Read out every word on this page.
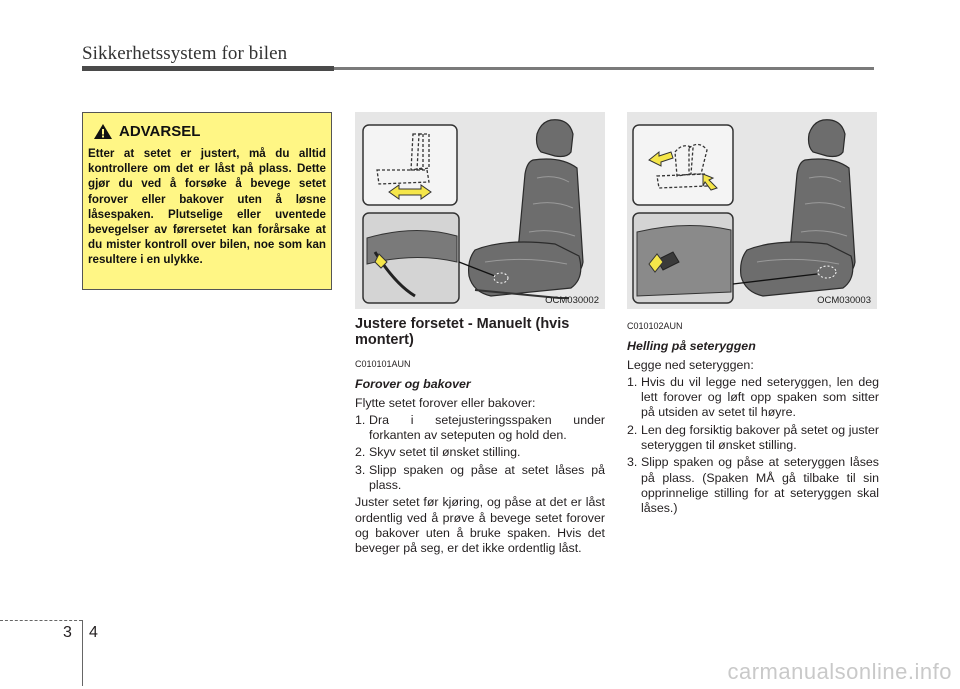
Sikkerhetssystem for bilen
ADVARSEL
Etter at setet er justert, må du alltid kontrollere om det er låst på plass. Dette gjør du ved å forsøke å bevege setet forover eller bakover uten å løsne låsespaken. Plutselige eller uventede bevegelser av førersetet kan forårsake at du mister kontroll over bilen, noe som kan resultere i en ulykke.
OCM030002	OCM030003
Justere forsetet - Manuelt (hvis montert)
C010101AUN
Forover og bakover
Flytte setet forover eller bakover:
1. Dra i setejusteringsspaken under forkanten av seteputen og hold den.
2. Skyv setet til ønsket stilling.
3. Slipp spaken og påse at setet låses på plass.
Juster setet før kjøring, og påse at det er låst ordentlig ved å prøve å bevege setet forover og bakover uten å bruke spaken. Hvis det beveger på seg, er det ikke ordentlig låst.
C010102AUN
Helling på seteryggen
Legge ned seteryggen:
1. Hvis du vil legge ned seteryggen, len deg lett forover og løft opp spaken som sitter på utsiden av setet til høyre.
2. Len deg forsiktig bakover på setet og juster seteryggen til ønsket stilling.
3. Slipp spaken og påse at seteryggen låses på plass. (Spaken MÅ gå tilbake til sin opprinnelige stilling for at seteryggen skal låses.)
3 4
carmanualsonline.info
